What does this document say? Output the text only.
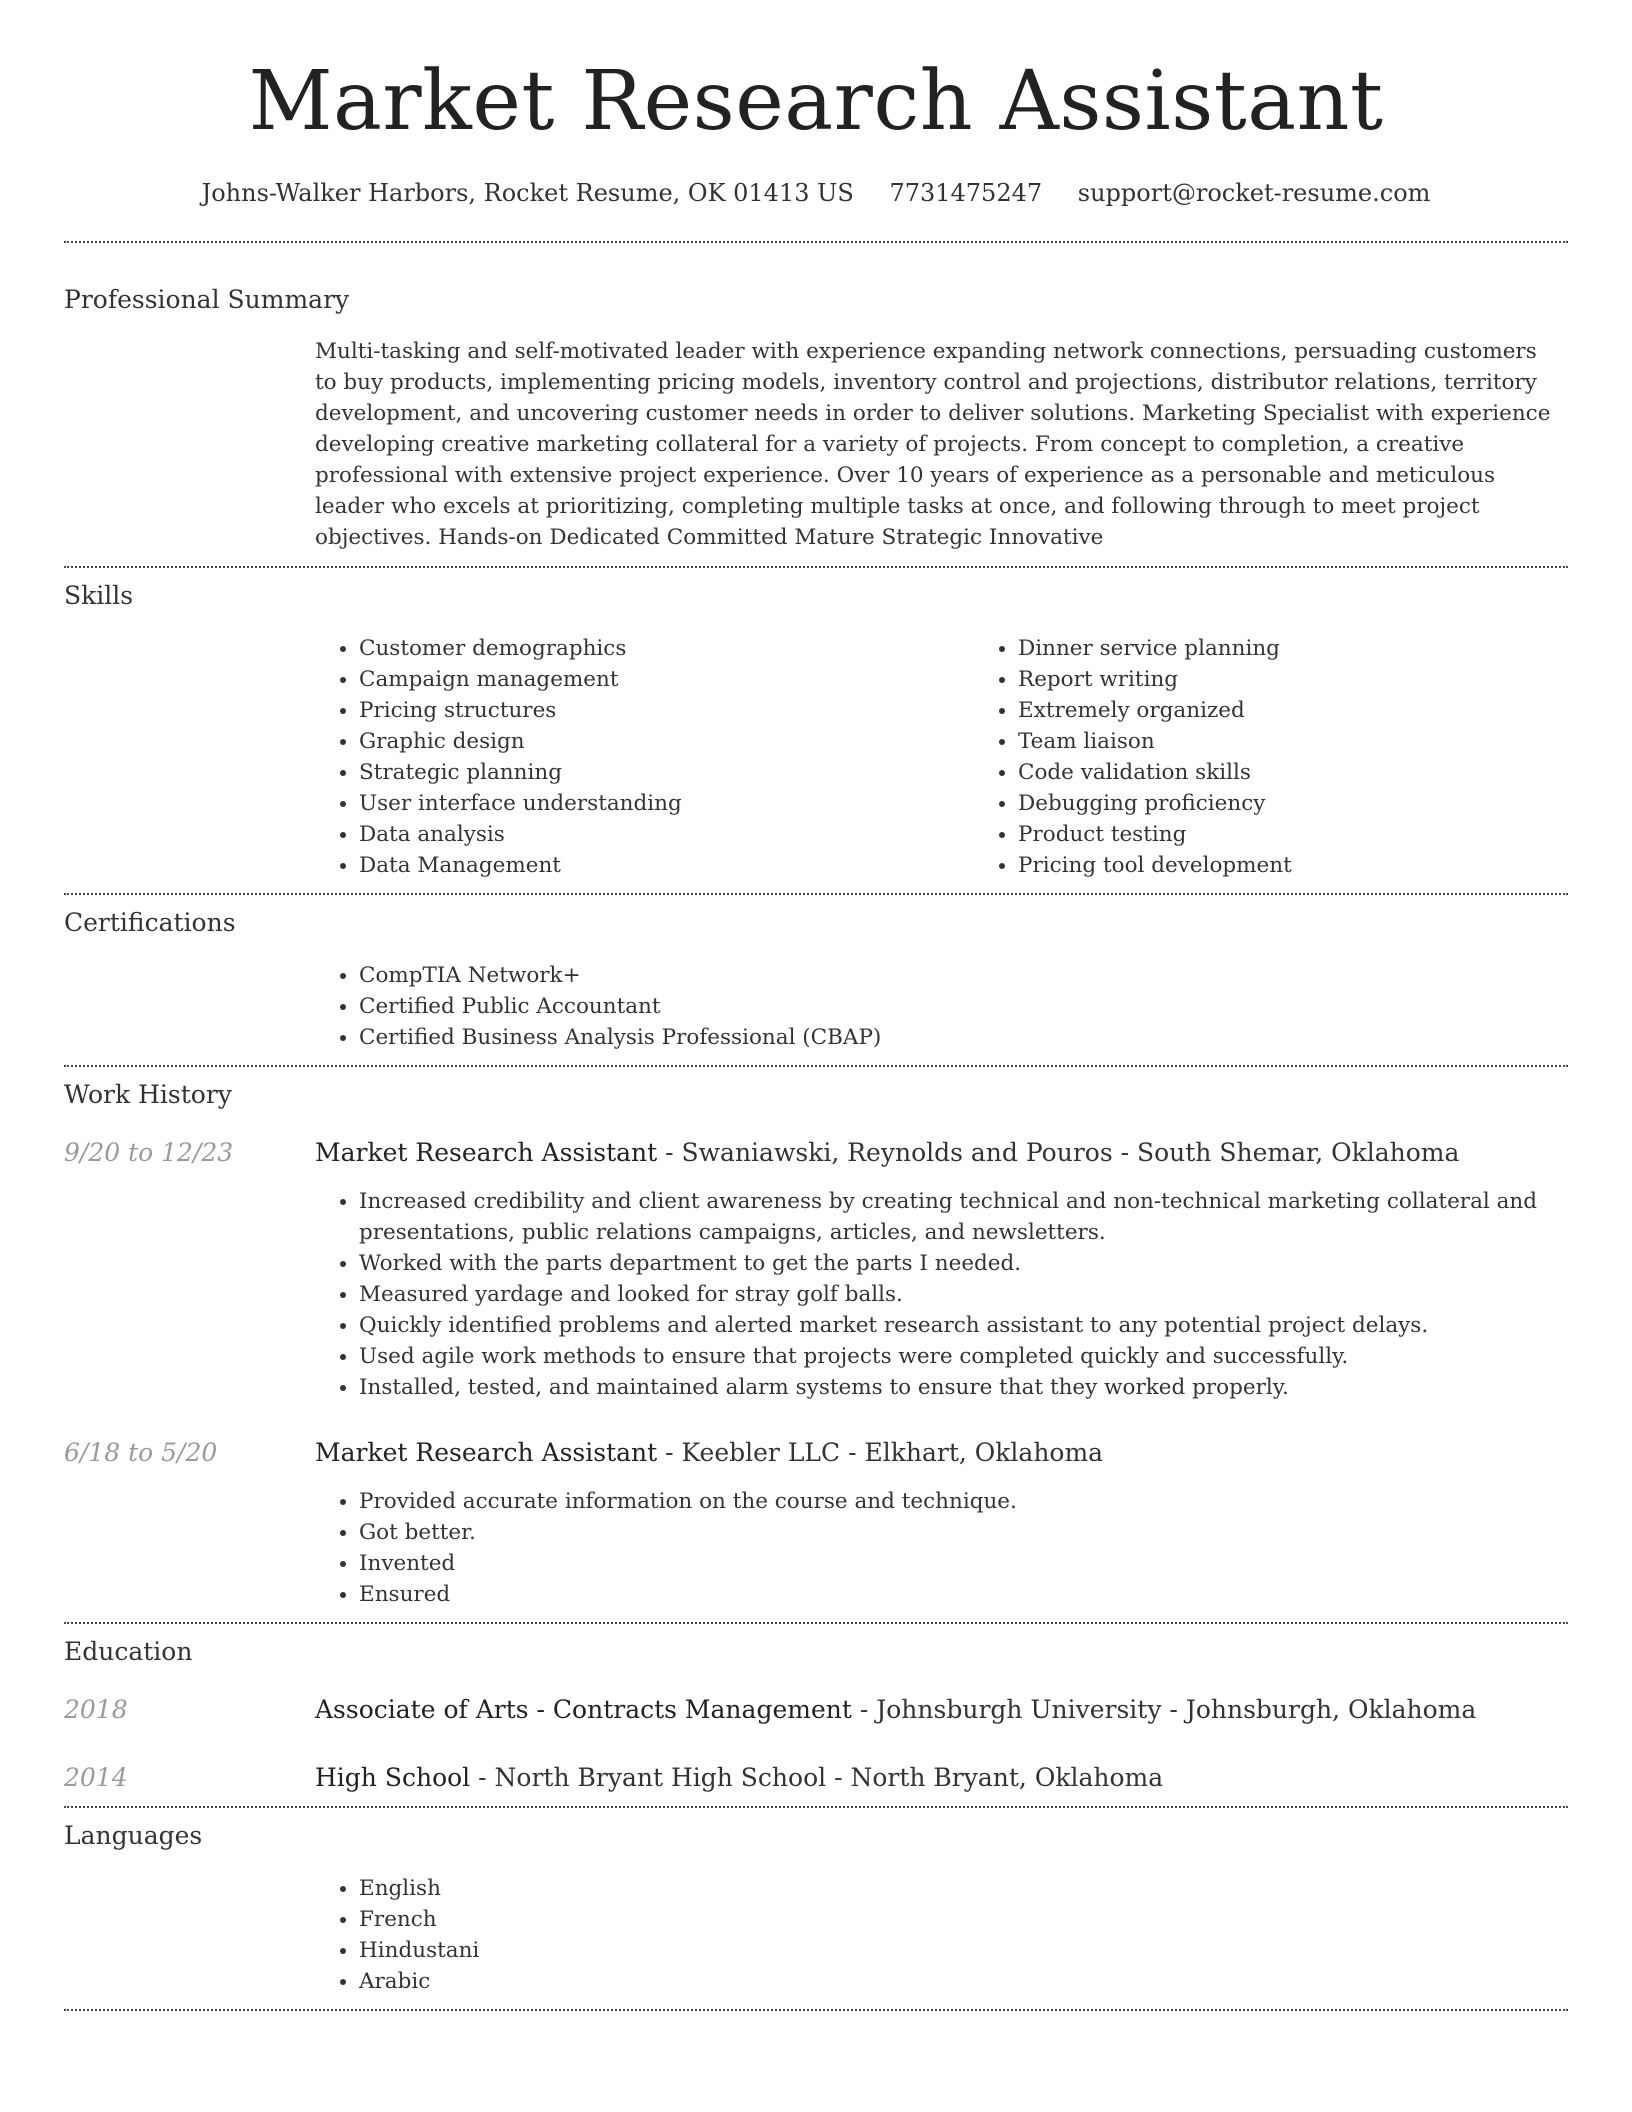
Market Research Assistant
Johns-Walker Harbors, Rocket Resume, OK 01413 US 7731475247 support@rocket-resume.com
Professional Summary

Multi-tasking and self-motivated leader with experience expanding network connections, persuading customers to buy products, implementing pricing models, inventory control and projections, distributor relations, territory development, and uncovering customer needs in order to deliver solutions. Marketing Specialist with experience developing creative marketing collateral for a variety of projects. From concept to completion, a creative professional with extensive project experience. Over 10 years of experience as a personable and meticulous leader who excels at prioritizing, completing multiple tasks at once, and following through to meet project objectives. Hands-on Dedicated Committed Mature Strategic Innovative

Skills
• Customer demographics
• Campaign management
• Pricing structures
• Graphic design
• Strategic planning
• User interface understanding
• Data analysis
• Data Management
• Dinner service planning
• Report writing
• Extremely organized
• Team liaison
• Code validation skills
• Debugging proficiency
• Product testing
• Pricing tool development
Certifications
• CompTIA Network+
• Certified Public Accountant
• Certified Business Analysis Professional (CBAP)
Work History
9/20 to 12/23	Market Research Assistant - Swaniawski, Reynolds and Pouros - South Shemar, Oklahoma
• Increased credibility and client awareness by creating technical and non-technical marketing collateral and presentations, public relations campaigns, articles, and newsletters.
• Worked with the parts department to get the parts I needed.
• Measured yardage and looked for stray golf balls.
• Quickly identified problems and alerted market research assistant to any potential project delays.
• Used agile work methods to ensure that projects were completed quickly and successfully.
• Installed, tested, and maintained alarm systems to ensure that they worked properly.
6/18 to 5/20	Market Research Assistant - Keebler LLC - Elkhart, Oklahoma
• Provided accurate information on the course and technique.
• Got better.
• Invented
• Ensured
Education
2018	Associate of Arts - Contracts Management - Johnsburgh University - Johnsburgh, Oklahoma
2014	High School - North Bryant High School - North Bryant, Oklahoma
Languages
• English
• French
• Hindustani
• Arabic
